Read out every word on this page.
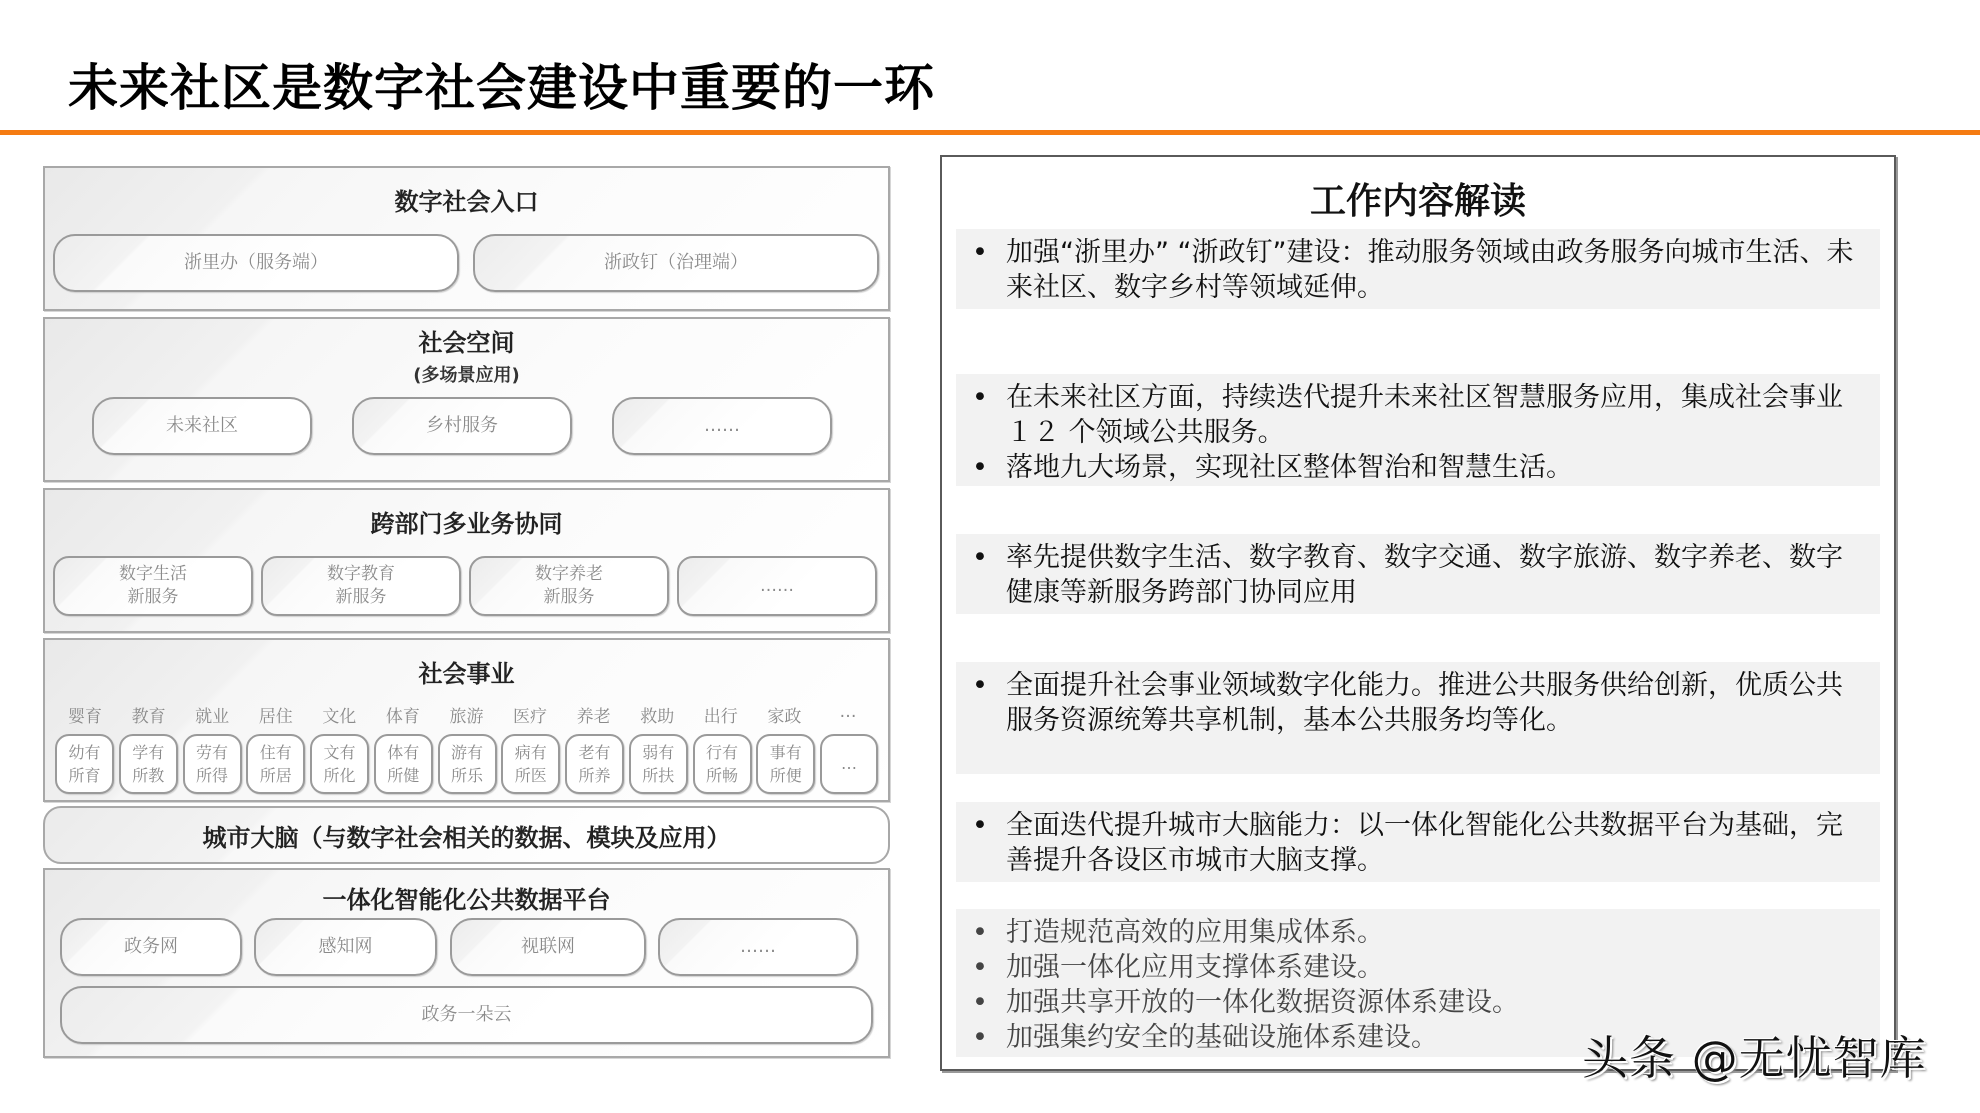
未来社区是数字社会建设中重要的一环
数字社会入口
浙里办（服务端）	浙政钉（治理端）
社会空间
(多场景应用)
未来社区	乡村服务	……
跨部门多业务协同
数字生活
新服务
数字教育
新服务
数字养老
新服务
……
社会事业
婴育	教育	就业	居住	文化	体育	旅游	医疗	养老	救助	出行	家政	…
幼有
所育
学有
所教
劳有
所得
住有
所居
文有
所化
体有
所健
游有
所乐
病有
所医
老有
所养
弱有
所扶
行有
所畅
事有
所便
…
城市大脑（与数字社会相关的数据、模块及应用）
一体化智能化公共数据平台
政务网	感知网	视联网	……
政务一朵云
工作内容解读
• 加强“浙里办” “浙政钉”建设：推动服务领域由政务服务向城市生活、未来社区、数字乡村等领域延伸。
• 在未来社区方面，持续迭代提升未来社区智慧服务应用，集成社会事业１２ 个领域公共服务。
• 落地九大场景，实现社区整体智治和智慧生活。
• 率先提供数字生活、数字教育、数字交通、数字旅游、数字养老、数字健康等新服务跨部门协同应用
• 全面提升社会事业领域数字化能力。推进公共服务供给创新，优质公共服务资源统筹共享机制，基本公共服务均等化。
• 全面迭代提升城市大脑能力：以一体化智能化公共数据平台为基础，完善提升各设区市城市大脑支撑。
• 打造规范高效的应用集成体系。
• 加强一体化应用支撑体系建设。
• 加强共享开放的一体化数据资源体系建设。
• 加强集约安全的基础设施体系建设。	头条 @无忧智库
